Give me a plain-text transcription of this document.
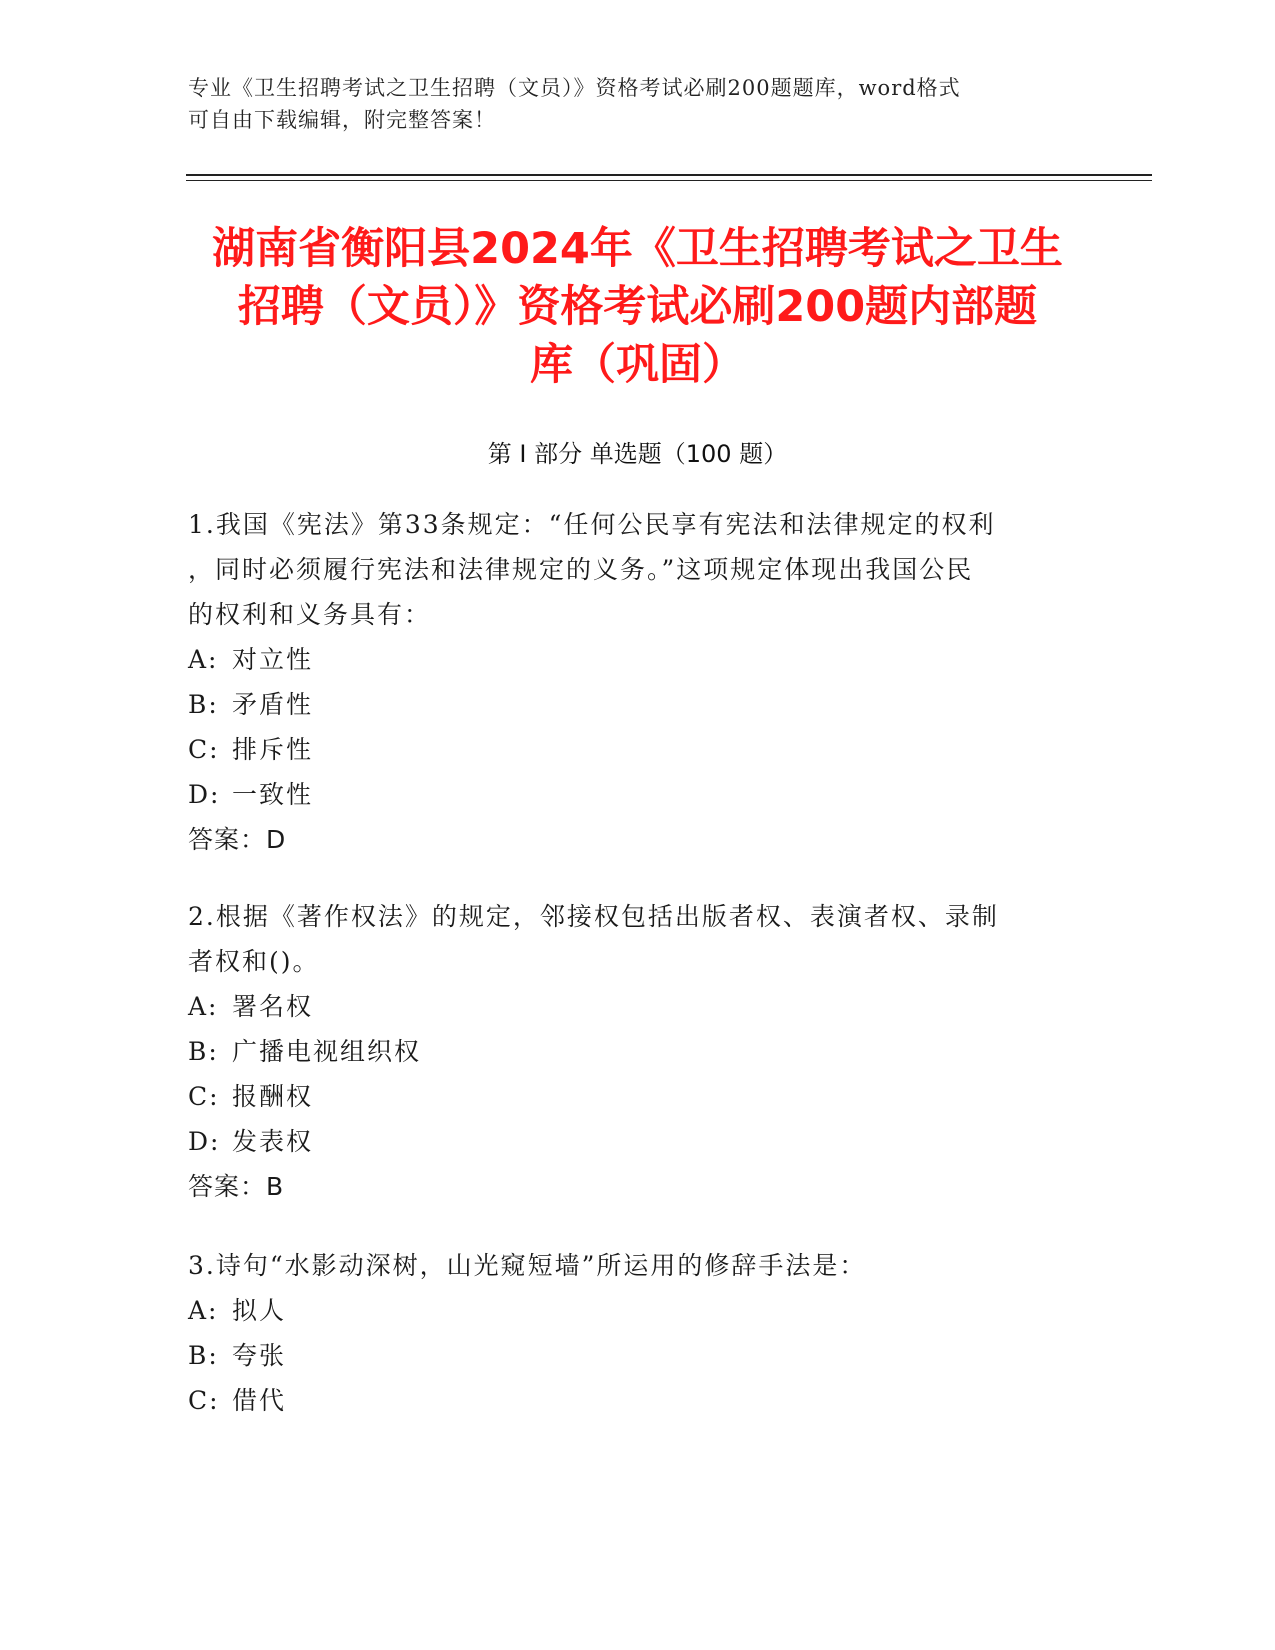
专业《卫生招聘考试之卫生招聘（文员）》资格考试必刷200题题库，word格式
可自由下载编辑，附完整答案！
湖南省衡阳县2024年《卫生招聘考试之卫生
招聘（文员）》资格考试必刷200题内部题
库（巩固）
第 I 部分 单选题（100 题）
1.我国《宪法》第33条规定：“任何公民享有宪法和法律规定的权利
，同时必须履行宪法和法律规定的义务。”这项规定体现出我国公民
的权利和义务具有：
A: 对立性
B: 矛盾性
C: 排斥性
D: 一致性
答案：D
2.根据《著作权法》的规定，邻接权包括出版者权、表演者权、录制
者权和()。
A: 署名权
B: 广播电视组织权
C: 报酬权
D: 发表权
答案：B
3.诗句“水影动深树，山光窥短墙”所运用的修辞手法是：
A: 拟人
B: 夸张
C: 借代
